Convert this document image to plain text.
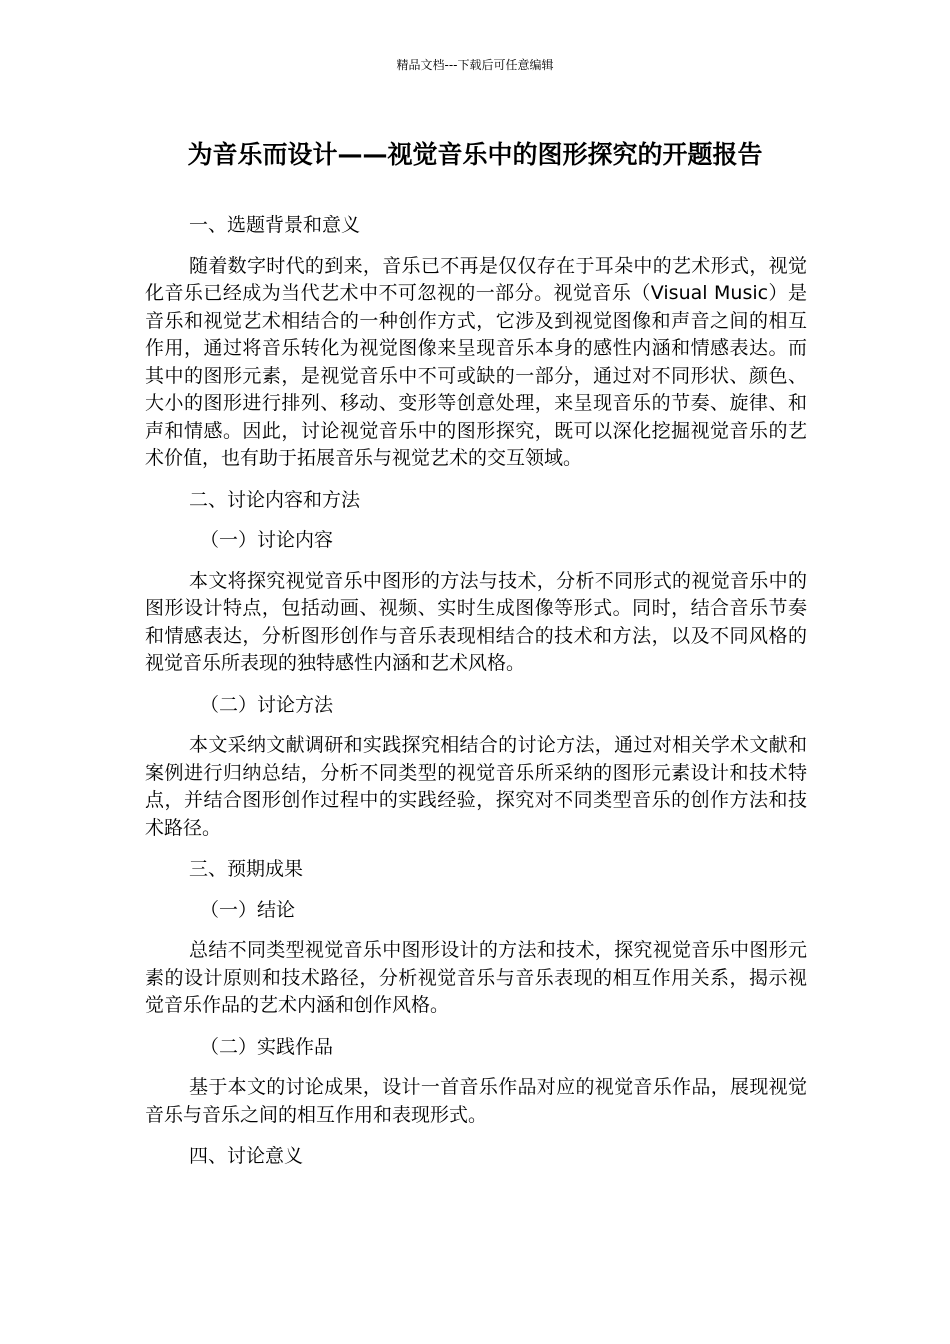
精品文档---下载后可任意编辑
为音乐而设计——视觉音乐中的图形探究的开题报告

一、选题背景和意义

随着数字时代的到来，音乐已不再是仅仅存在于耳朵中的艺术形式，视觉化音乐已经成为当代艺术中不可忽视的一部分。视觉音乐（Visual Music）是音乐和视觉艺术相结合的一种创作方式，它涉及到视觉图像和声音之间的相互作用，通过将音乐转化为视觉图像来呈现音乐本身的感性内涵和情感表达。而其中的图形元素，是视觉音乐中不可或缺的一部分，通过对不同形状、颜色、大小的图形进行排列、移动、变形等创意处理，来呈现音乐的节奏、旋律、和声和情感。因此，讨论视觉音乐中的图形探究，既可以深化挖掘视觉音乐的艺术价值，也有助于拓展音乐与视觉艺术的交互领域。

二、讨论内容和方法

（一）讨论内容

本文将探究视觉音乐中图形的方法与技术，分析不同形式的视觉音乐中的图形设计特点，包括动画、视频、实时生成图像等形式。同时，结合音乐节奏和情感表达，分析图形创作与音乐表现相结合的技术和方法，以及不同风格的视觉音乐所表现的独特感性内涵和艺术风格。

（二）讨论方法

本文采纳文献调研和实践探究相结合的讨论方法，通过对相关学术文献和案例进行归纳总结，分析不同类型的视觉音乐所采纳的图形元素设计和技术特点，并结合图形创作过程中的实践经验，探究对不同类型音乐的创作方法和技术路径。

三、预期成果

（一）结论

总结不同类型视觉音乐中图形设计的方法和技术，探究视觉音乐中图形元素的设计原则和技术路径，分析视觉音乐与音乐表现的相互作用关系，揭示视觉音乐作品的艺术内涵和创作风格。

（二）实践作品

基于本文的讨论成果，设计一首音乐作品对应的视觉音乐作品，展现视觉音乐与音乐之间的相互作用和表现形式。

四、讨论意义
